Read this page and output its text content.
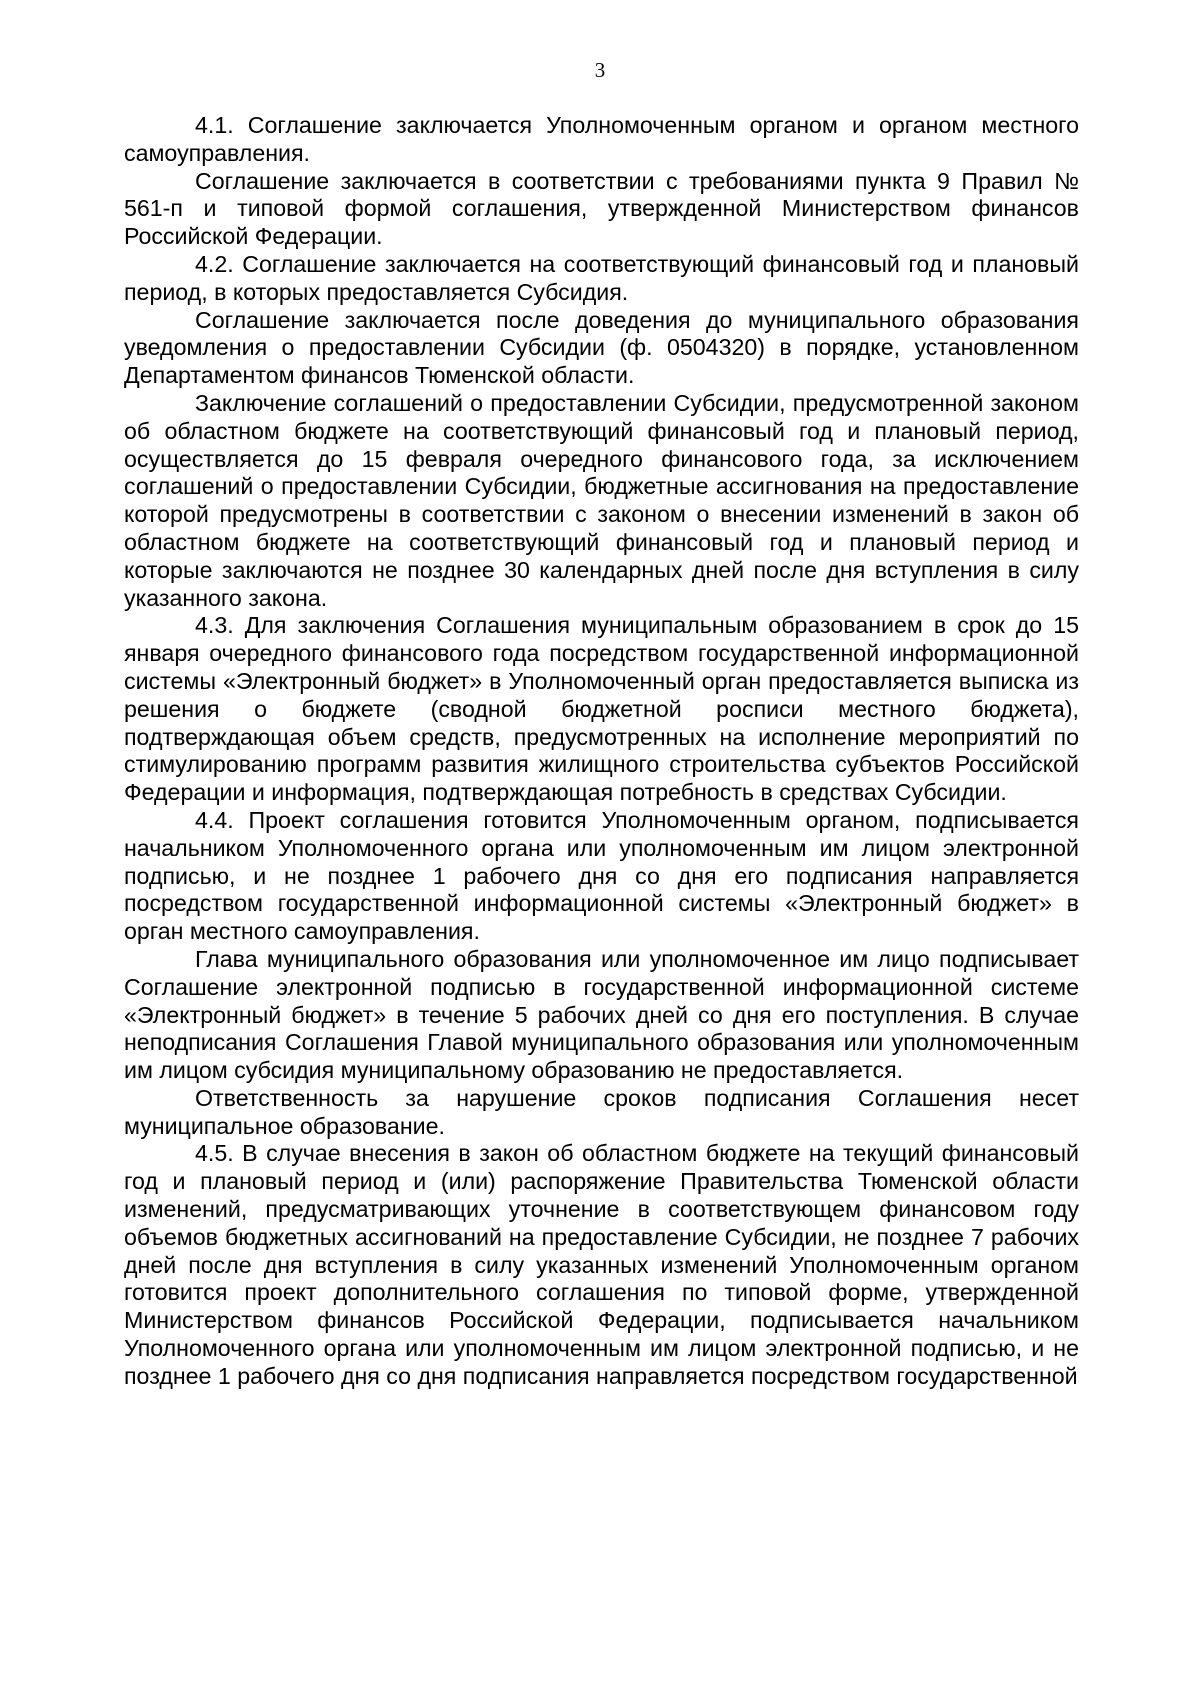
3

4.1. Соглашение заключается Уполномоченным органом и органом местного самоуправления.

Соглашение заключается в соответствии с требованиями пункта 9 Правил № 561-п и типовой формой соглашения, утвержденной Министерством финансов Российской Федерации.

4.2. Соглашение заключается на соответствующий финансовый год и плановый период, в которых предоставляется Субсидия.

Соглашение заключается после доведения до муниципального образования уведомления о предоставлении Субсидии (ф. 0504320) в порядке, установленном Департаментом финансов Тюменской области.

Заключение соглашений о предоставлении Субсидии, предусмотренной законом об областном бюджете на соответствующий финансовый год и плановый период, осуществляется до 15 февраля очередного финансового года, за исключением соглашений о предоставлении Субсидии, бюджетные ассигнования на предоставление которой предусмотрены в соответствии с законом о внесении изменений в закон об областном бюджете на соответствующий финансовый год и плановый период и которые заключаются не позднее 30 календарных дней после дня вступления в силу указанного закона.

4.3. Для заключения Соглашения муниципальным образованием в срок до 15 января очередного финансового года посредством государственной информационной системы «Электронный бюджет» в Уполномоченный орган предоставляется выписка из решения о бюджете (сводной бюджетной росписи местного бюджета), подтверждающая объем средств, предусмотренных на исполнение мероприятий по стимулированию программ развития жилищного строительства субъектов Российской Федерации и информация, подтверждающая потребность в средствах Субсидии.

4.4. Проект соглашения готовится Уполномоченным органом, подписывается начальником Уполномоченного органа или уполномоченным им лицом электронной подписью, и не позднее 1 рабочего дня со дня его подписания направляется посредством государственной информационной системы «Электронный бюджет» в орган местного самоуправления.

Глава муниципального образования или уполномоченное им лицо подписывает Соглашение электронной подписью в государственной информационной системе «Электронный бюджет» в течение 5 рабочих дней со дня его поступления. В случае неподписания Соглашения Главой муниципального образования или уполномоченным им лицом субсидия муниципальному образованию не предоставляется.

Ответственность за нарушение сроков подписания Соглашения несет муниципальное образование.

4.5. В случае внесения в закон об областном бюджете на текущий финансовый год и плановый период и (или) распоряжение Правительства Тюменской области изменений, предусматривающих уточнение в соответствующем финансовом году объемов бюджетных ассигнований на предоставление Субсидии, не позднее 7 рабочих дней после дня вступления в силу указанных изменений Уполномоченным органом готовится проект дополнительного соглашения по типовой форме, утвержденной Министерством финансов Российской Федерации, подписывается начальником Уполномоченного органа или уполномоченным им лицом электронной подписью, и не позднее 1 рабочего дня со дня подписания направляется посредством государственной
